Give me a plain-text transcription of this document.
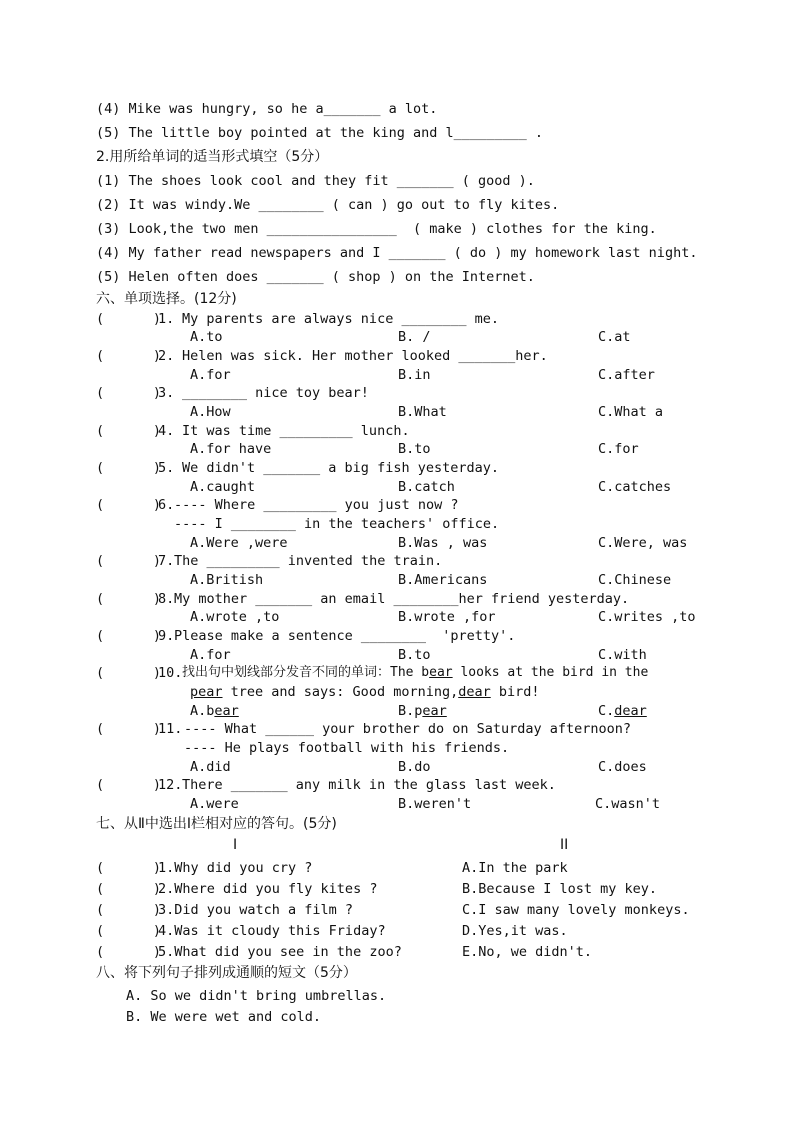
(4) Mike was hungry, so he a_______ a lot.
(5) The little boy pointed at the king and l_________ .
2.用所给单词的适当形式填空（5分）
(1) The shoes look cool and they fit _______ ( good ).
(2) It was windy.We ________ ( can ) go out to fly kites.
(3) Look,the two men ________________  ( make ) clothes for the king.
(4) My father read newspapers and I _______ ( do ) my homework last night.
(5) Helen often does _______ ( shop ) on the Internet.
六、单项选择。(12分)
(      )
1. My parents are always nice ________ me.
A.to	B. /	C.at
(      )
2. Helen was sick. Her mother looked _______her.
A.for	B.in	C.after
(      )
3. ________ nice toy bear!
A.How	B.What	C.What a
(      )
4. It was time _________ lunch.
A.for have	B.to	C.for
(      )
5. We didn't _______ a big fish yesterday.
A.caught	B.catch	C.catches
(      )
6. ---- Where _________ you just now ?
---- I ________ in the teachers' office.
A.Were ,were	B.Was , was	C.Were, was
(      )
7. The _________ invented the train.
A.British	B.Americans	C.Chinese
(      )
8. My mother _______ an email ________her friend yesterday.
A.wrote ,to	B.wrote ,for	C.writes ,to
(      )
9. Please make a sentence ________  'pretty'.
A.for	B.to	C.with
(      )
10. 找出句中划线部分发音不同的单词：The bear looks at the bird in the
pear tree and says: Good morning,dear bird!
A.bear	B.pear	C.dear
(      )
11. ---- What ______ your brother do on Saturday afternoon?
---- He plays football with his friends.
A.did	B.do	C.does
(      )
12. There _______ any milk in the glass last week.
A.were	B.weren't	C.wasn't
七、从Ⅱ中选出Ⅰ栏相对应的答句。(5分)
I	II
(      )
1.Why did you cry ?	A.In the park
(      )
2.Where did you fly kites ?	B.Because I lost my key.
(      )
3.Did you watch a film ?	C.I saw many lovely monkeys.
(      )
4.Was it cloudy this Friday?	D.Yes,it was.
(      )
5.What did you see in the zoo?	E.No, we didn't.
八、将下列句子排列成通顺的短文（5分）
A. So we didn't bring umbrellas.
B. We were wet and cold.
